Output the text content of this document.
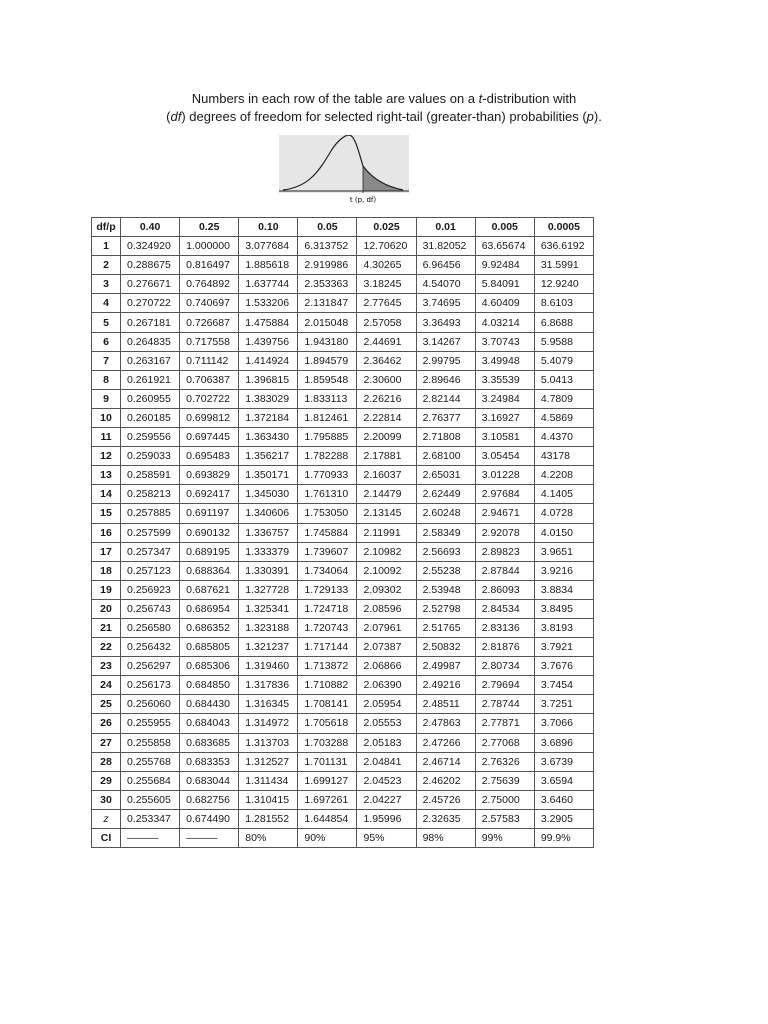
Numbers in each row of the table are values on a t-distribution with
(df) degrees of freedom for selected right-tail (greater-than) probabilities (p).
t (p, df)
df/p	0.40	0.25	0.10	0.05	0.025	0.01	0.005	0.0005
1	0.324920	1.000000	3.077684	6.313752	12.70620	31.82052	63.65674	636.6192
2	0.288675	0.816497	1.885618	2.919986	4.30265	6.96456	9.92484	31.5991
3	0.276671	0.764892	1.637744	2.353363	3.18245	4.54070	5.84091	12.9240
4	0.270722	0.740697	1.533206	2.131847	2.77645	3.74695	4.60409	8.6103
5	0.267181	0.726687	1.475884	2.015048	2.57058	3.36493	4.03214	6.8688
6	0.264835	0.717558	1.439756	1.943180	2.44691	3.14267	3.70743	5.9588
7	0.263167	0.711142	1.414924	1.894579	2.36462	2.99795	3.49948	5.4079
8	0.261921	0.706387	1.396815	1.859548	2.30600	2.89646	3.35539	5.0413
9	0.260955	0.702722	1.383029	1.833113	2.26216	2.82144	3.24984	4.7809
10	0.260185	0.699812	1.372184	1.812461	2.22814	2.76377	3.16927	4.5869
11	0.259556	0.697445	1.363430	1.795885	2.20099	2.71808	3.10581	4.4370
12	0.259033	0.695483	1.356217	1.782288	2.17881	2.68100	3.05454	43178
13	0.258591	0.693829	1.350171	1.770933	2.16037	2.65031	3.01228	4.2208
14	0.258213	0.692417	1.345030	1.761310	2.14479	2.62449	2.97684	4.1405
15	0.257885	0.691197	1.340606	1.753050	2.13145	2.60248	2.94671	4.0728
16	0.257599	0.690132	1.336757	1.745884	2.11991	2.58349	2.92078	4.0150
17	0.257347	0.689195	1.333379	1.739607	2.10982	2.56693	2.89823	3.9651
18	0.257123	0.688364	1.330391	1.734064	2.10092	2.55238	2.87844	3.9216
19	0.256923	0.687621	1.327728	1.729133	2.09302	2.53948	2.86093	3.8834
20	0.256743	0.686954	1.325341	1.724718	2.08596	2.52798	2.84534	3.8495
21	0.256580	0.686352	1.323188	1.720743	2.07961	2.51765	2.83136	3.8193
22	0.256432	0.685805	1.321237	1.717144	2.07387	2.50832	2.81876	3.7921
23	0.256297	0.685306	1.319460	1.713872	2.06866	2.49987	2.80734	3.7676
24	0.256173	0.684850	1.317836	1.710882	2.06390	2.49216	2.79694	3.7454
25	0.256060	0.684430	1.316345	1.708141	2.05954	2.48511	2.78744	3.7251
26	0.255955	0.684043	1.314972	1.705618	2.05553	2.47863	2.77871	3.7066
27	0.255858	0.683685	1.313703	1.703288	2.05183	2.47266	2.77068	3.6896
28	0.255768	0.683353	1.312527	1.701131	2.04841	2.46714	2.76326	3.6739
29	0.255684	0.683044	1.311434	1.699127	2.04523	2.46202	2.75639	3.6594
30	0.255605	0.682756	1.310415	1.697261	2.04227	2.45726	2.75000	3.6460
z	0.253347	0.674490	1.281552	1.644854	1.95996	2.32635	2.57583	3.2905
CI	———	———	80%	90%	95%	98%	99%	99.9%
